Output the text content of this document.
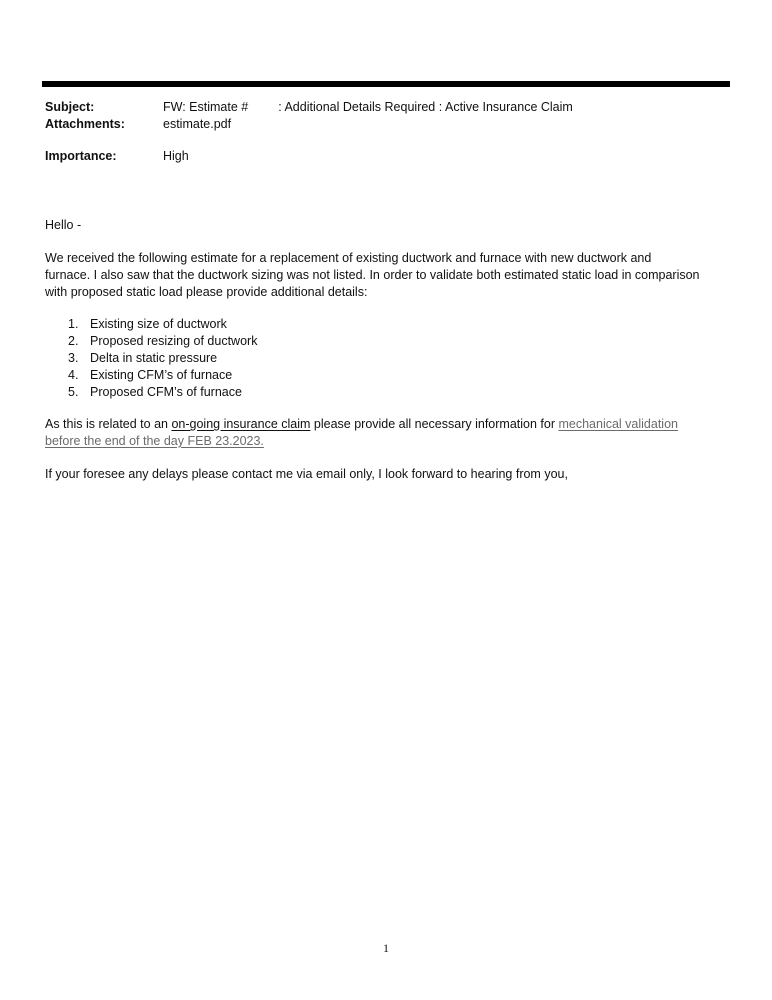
Subject:	FW: Estimate # : Additional Details Required : Active Insurance Claim
Attachments:	estimate.pdf
Importance:	High

Hello -

We received the following estimate for a replacement of existing ductwork and furnace with new ductwork and
furnace. I also saw that the ductwork sizing was not listed. In order to validate both estimated static load in comparison
with proposed static load please provide additional details:

1. Existing size of ductwork
2. Proposed resizing of ductwork
3. Delta in static pressure
4. Existing CFM’s of furnace
5. Proposed CFM’s of furnace

As this is related to an on-going insurance claim please provide all necessary information for mechanical validation
before the end of the day FEB 23.2023.

If your foresee any delays please contact me via email only, I look forward to hearing from you,

1
